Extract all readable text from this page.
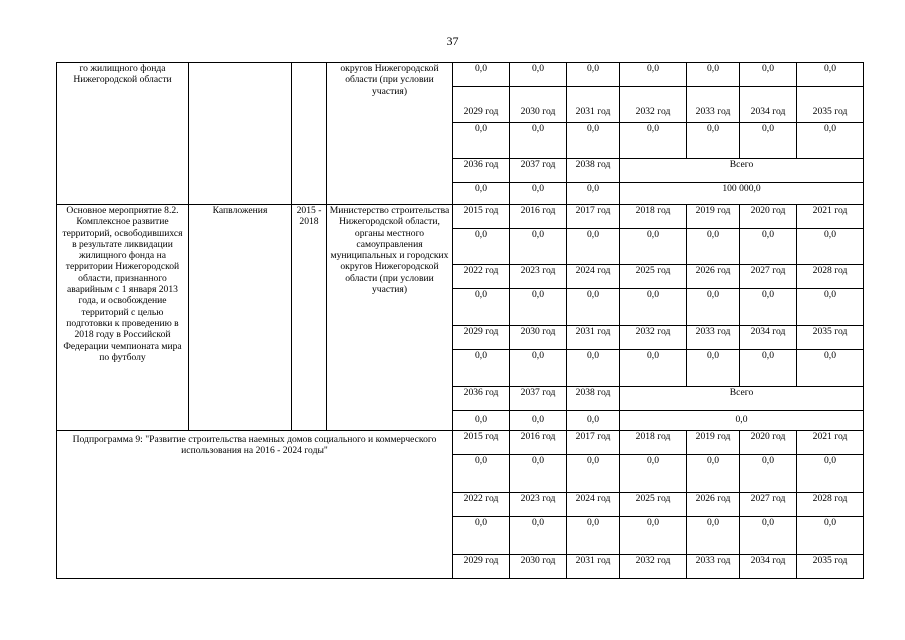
37
го жилищного фонда Нижегородской области			округов Нижегородской области (при условии участия)	0,0	0,0	0,0	0,0	0,0	0,0	0,0
				2029 год	2030 год	2031 год	2032 год	2033 год	2034 год	2035 год
				0,0	0,0	0,0	0,0	0,0	0,0	0,0
				2036 год	2037 год	2038 год	Всего			
				0,0	0,0	0,0	100 000,0			
Основное мероприятие 8.2. Комплексное развитие территорий, освободившихся в результате ликвидации жилищного фонда на территории Нижегородской области, признанного аварийным с 1 января 2013 года, и освобождение территорий с целью подготовки к проведению в 2018 году в Российской Федерации чемпионата мира по футболу	Капвложения	2015 - 2018	Министерство строительства Нижегородской области, органы местного самоуправления муниципальных и городских округов Нижегородской области (при условии участия)	2015 год	2016 год	2017 год	2018 год	2019 год	2020 год	2021 год
				0,0	0,0	0,0	0,0	0,0	0,0	0,0
				2022 год	2023 год	2024 год	2025 год	2026 год	2027 год	2028 год
				0,0	0,0	0,0	0,0	0,0	0,0	0,0
				2029 год	2030 год	2031 год	2032 год	2033 год	2034 год	2035 год
				0,0	0,0	0,0	0,0	0,0	0,0	0,0
				2036 год	2037 год	2038 год	Всего			
				0,0	0,0	0,0	0,0			
Подпрограмма 9: "Развитие строительства наемных домов социального и коммерческого использования на 2016 - 2024 годы"				2015 год	2016 год	2017 год	2018 год	2019 год	2020 год	2021 год
				0,0	0,0	0,0	0,0	0,0	0,0	0,0
				2022 год	2023 год	2024 год	2025 год	2026 год	2027 год	2028 год
				0,0	0,0	0,0	0,0	0,0	0,0	0,0
				2029 год	2030 год	2031 год	2032 год	2033 год	2034 год	2035 год
